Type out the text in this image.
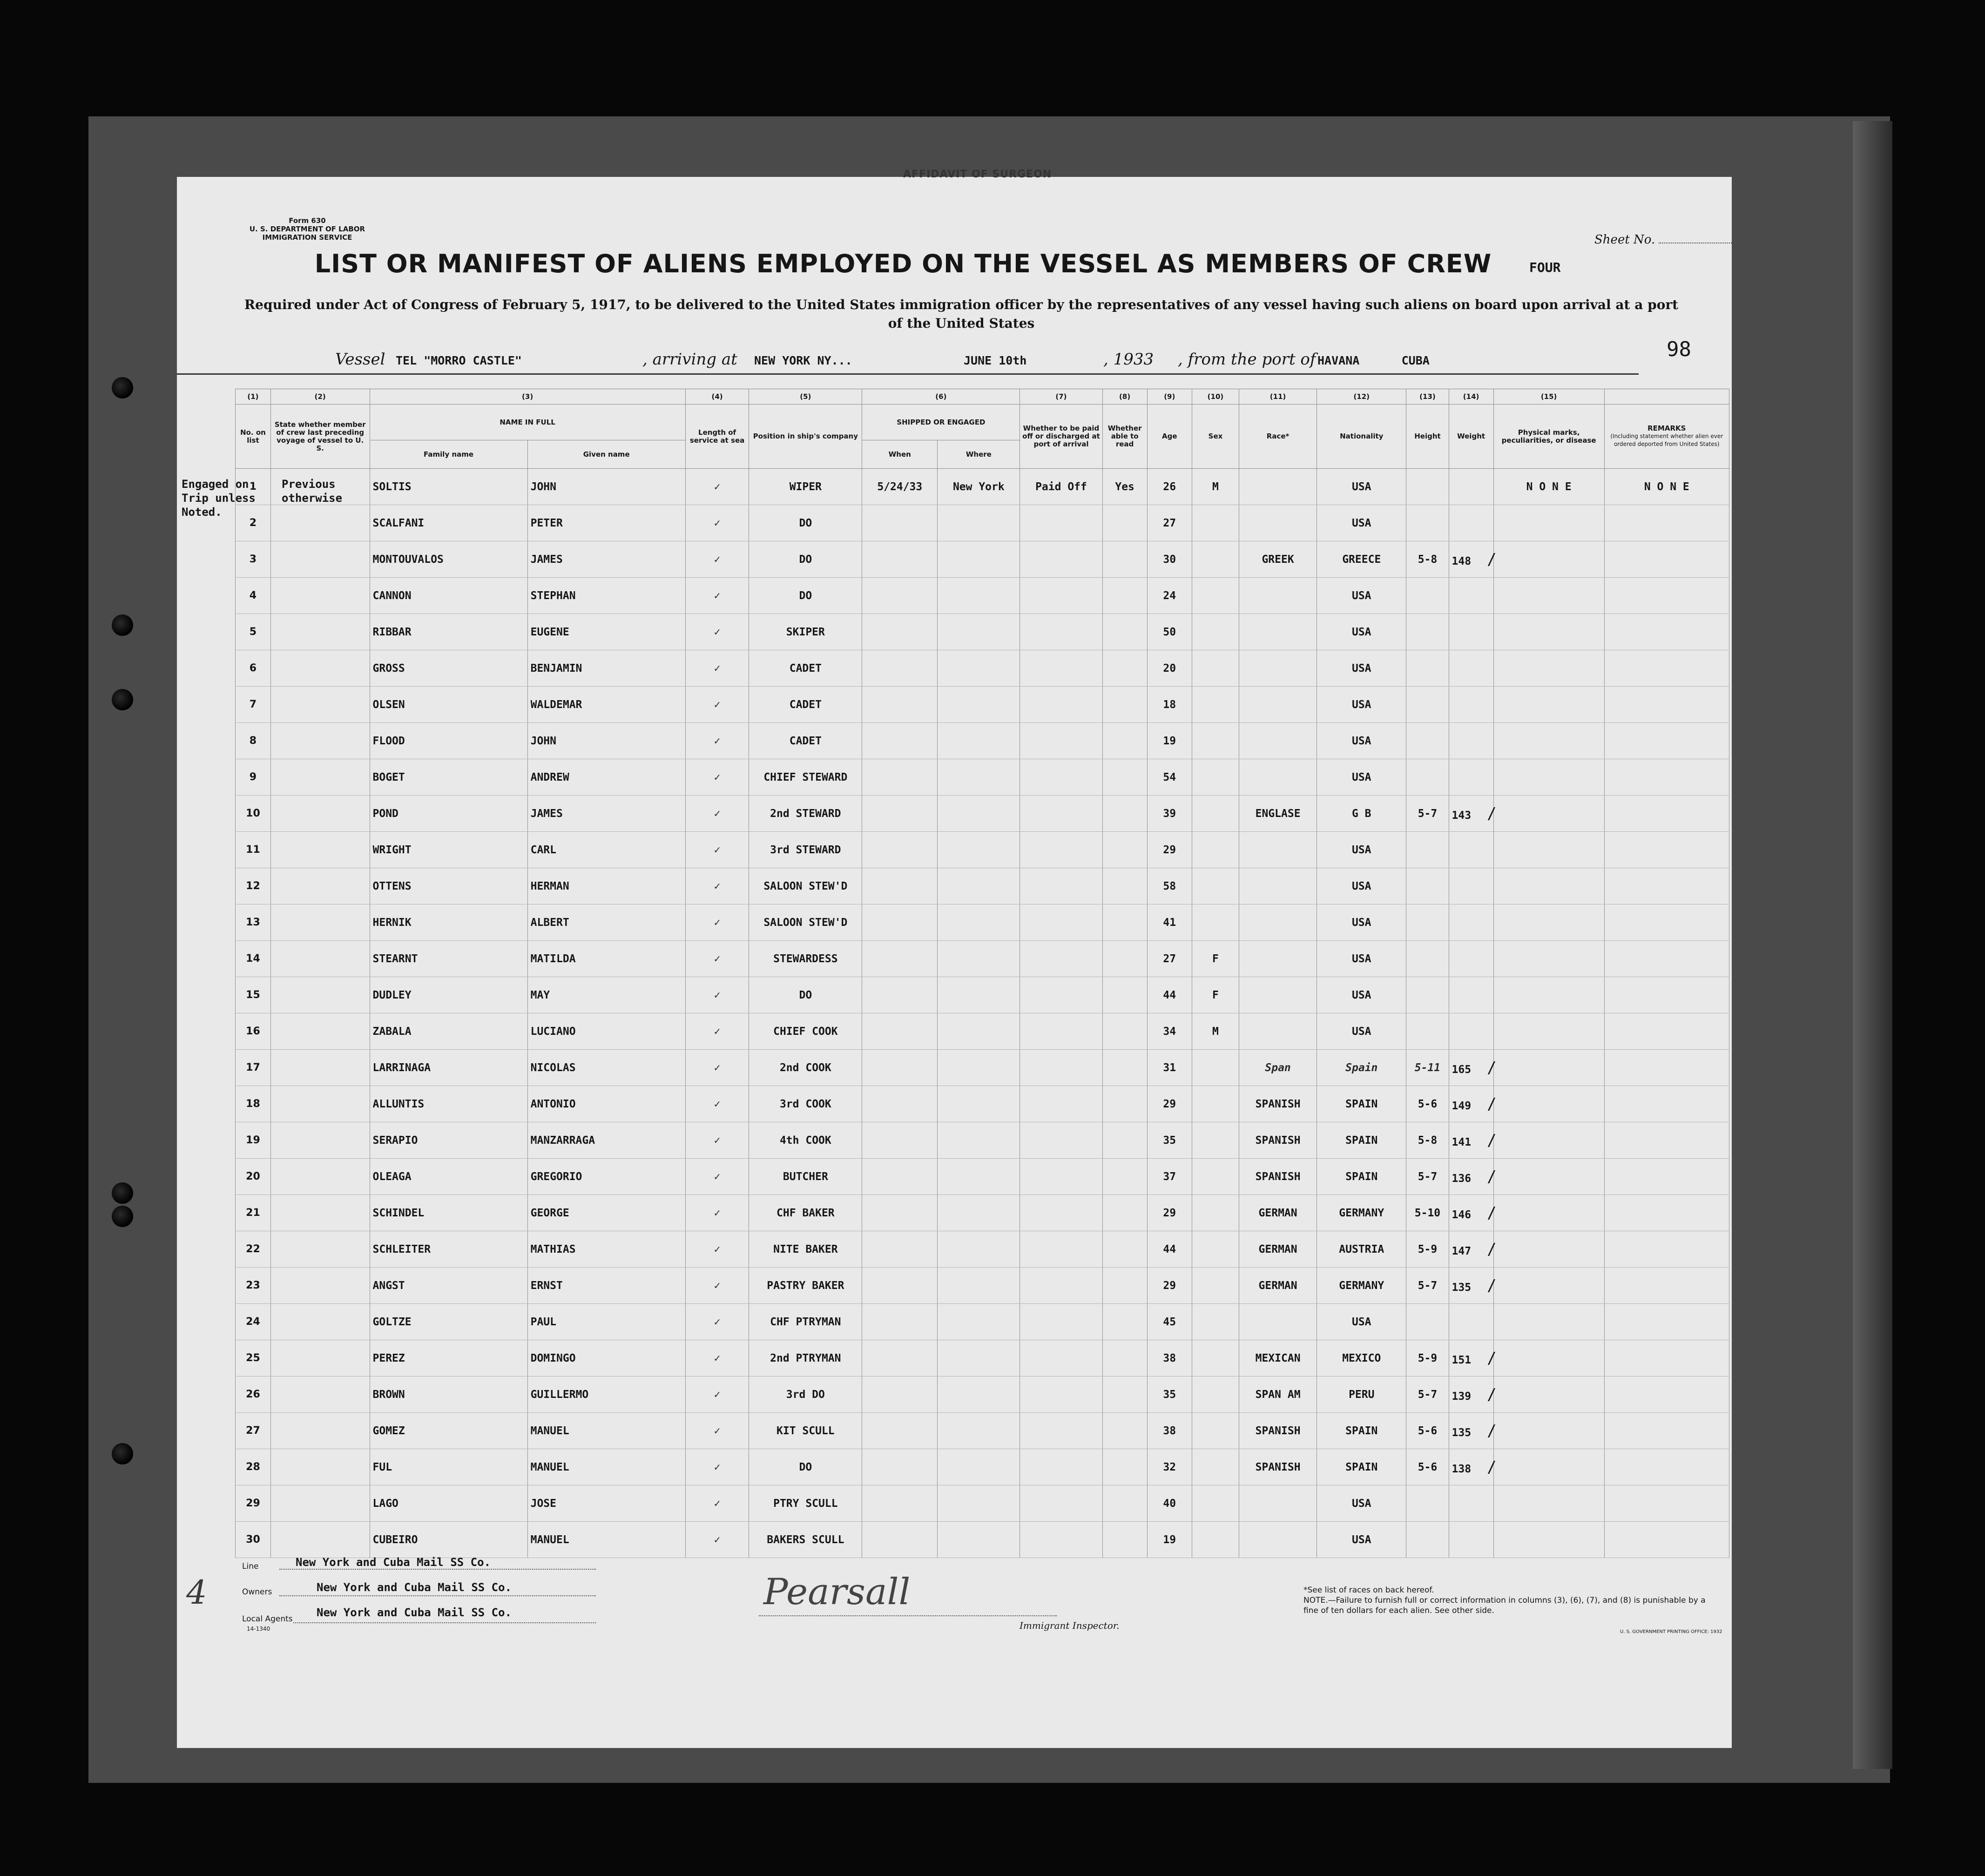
AFFIDAVIT OF SURGEON
Form 630
U. S. DEPARTMENT OF LABOR
IMMIGRATION SERVICE	Sheet No.
LIST OR MANIFEST OF ALIENS EMPLOYED ON THE VESSEL AS MEMBERS OF CREW	FOUR
Required under Act of Congress of February 5, 1917, to be delivered to the United States immigration officer by the representatives of any vessel having such aliens on board upon arrival at a port of the United States
98
Vessel TEL "MORRO CASTLE"	, arriving at NEW YORK NY...	JUNE 10th	, 1933 , from the port of HAVANA      CUBA
(1)	(2)	(3)		(4)	(5)	(6)		(7)	(8)	(9)	(10)	(11)	(12)	(13)	(14)	(15)	
No. on list	State whether member of crew last preceding voyage of vessel to U. S.	NAME IN FULL		Length of service at sea	Position in ship's company	SHIPPED OR ENGAGED		Whether to be paid off or discharged at port of arrival	Whether able to read	Age	Sex	Race*	Nationality	Height	Weight	Physical marks, peculiarities, or disease	REMARKS
(Including statement whether alien ever ordered deported from United States)

		Family name	Given name			When	Where										
1		SOLTIS	JOHN	✓	WIPER	5/24/33	New York	Paid Off	Yes	26	M		USA			N O N E	N O N E
2		SCALFANI	PETER	✓	DO					27			USA				
3		MONTOUVALOS	JAMES	✓	DO					30		GREEK	GREECE	5-8	148 /		
4		CANNON	STEPHAN	✓	DO					24			USA				
5		RIBBAR	EUGENE	✓	SKIPER					50			USA				
6		GROSS	BENJAMIN	✓	CADET					20			USA				
7		OLSEN	WALDEMAR	✓	CADET					18			USA				
8		FLOOD	JOHN	✓	CADET					19			USA				
9		BOGET	ANDREW	✓	CHIEF STEWARD					54			USA				
10		POND	JAMES	✓	2nd STEWARD					39		ENGLASE	G B	5-7	143 /		
11		WRIGHT	CARL	✓	3rd STEWARD					29			USA				
12		OTTENS	HERMAN	✓	SALOON STEW'D					58			USA				
13		HERNIK	ALBERT	✓	SALOON STEW'D					41			USA				
14		STEARNT	MATILDA	✓	STEWARDESS					27	F		USA				
15		DUDLEY	MAY	✓	DO					44	F		USA				
16		ZABALA	LUCIANO	✓	CHIEF COOK					34	M		USA				
17		LARRINAGA	NICOLAS	✓	2nd COOK					31		Span	Spain	5-11	165 /		
18		ALLUNTIS	ANTONIO	✓	3rd COOK					29		SPANISH	SPAIN	5-6	149 /		
19		SERAPIO	MANZARRAGA	✓	4th COOK					35		SPANISH	SPAIN	5-8	141 /		
20		OLEAGA	GREGORIO	✓	BUTCHER					37		SPANISH	SPAIN	5-7	136 /		
21		SCHINDEL	GEORGE	✓	CHF BAKER					29		GERMAN	GERMANY	5-10	146 /		
22		SCHLEITER	MATHIAS	✓	NITE BAKER					44		GERMAN	AUSTRIA	5-9	147 /		
23		ANGST	ERNST	✓	PASTRY BAKER					29		GERMAN	GERMANY	5-7	135 /		
24		GOLTZE	PAUL	✓	CHF PTRYMAN					45			USA				
25		PEREZ	DOMINGO	✓	2nd PTRYMAN					38		MEXICAN	MEXICO	5-9	151 /		
26		BROWN	GUILLERMO	✓	3rd DO					35		SPAN AM	PERU	5-7	139 /		
27		GOMEZ	MANUEL	✓	KIT SCULL					38		SPANISH	SPAIN	5-6	135 /		
28		FUL	MANUEL	✓	DO					32		SPANISH	SPAIN	5-6	138 /		
29		LAGO	JOSE	✓	PTRY SCULL					40			USA				
30		CUBEIRO	MANUEL	✓	BAKERS SCULL					19			USA				
Engaged on
Trip unless
Noted.
Previous
otherwise
Line	New York and Cuba Mail SS Co.
Owners	New York and Cuba Mail SS Co.
Local Agents New York and Cuba Mail SS Co.
14-1340
4	Pearsall
Immigrant Inspector.
*See list of races on back hereof.
NOTE.—Failure to furnish full or correct information in columns (3), (6), (7), and (8) is punishable by a fine of ten dollars for each alien. See other side.
U. S. GOVERNMENT PRINTING OFFICE: 1932
